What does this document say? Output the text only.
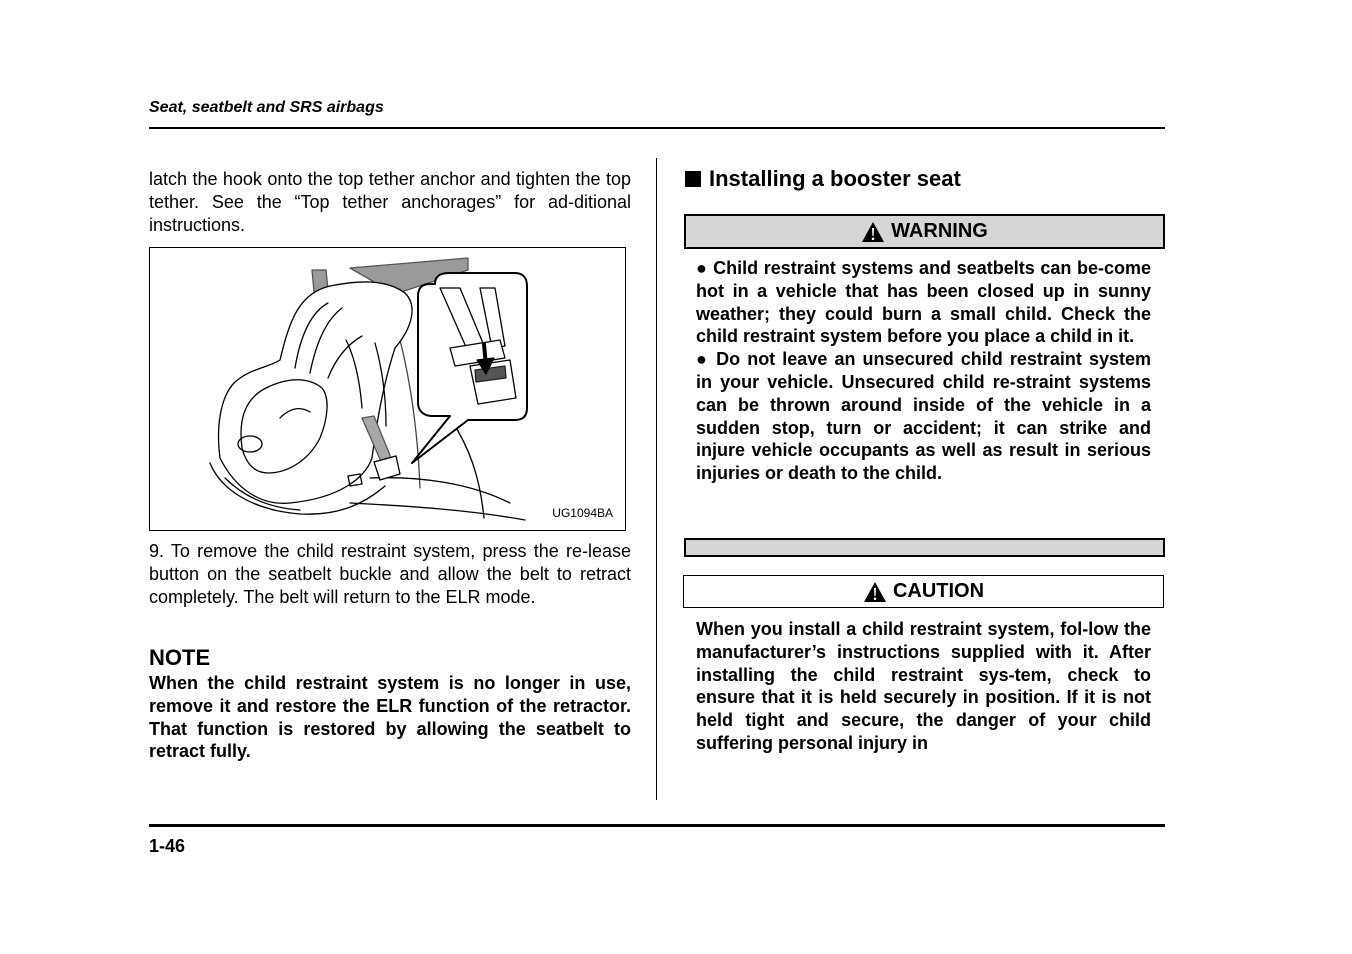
Seat, seatbelt and SRS airbags

latch the hook onto the top tether anchor and tighten the top tether. See the “Top tether anchorages” for ad-ditional instructions.

UG1094BA

9. To remove the child restraint system, press the re-lease button on the seatbelt buckle and allow the belt to retract completely. The belt will return to the ELR mode.

NOTE
When the child restraint system is no longer in use, remove it and restore the ELR function of the retractor. That function is restored by allowing the seatbelt to retract fully.
Installing a booster seat
WARNING

● Child restraint systems and seatbelts can be-come hot in a vehicle that has been closed up in sunny weather; they could burn a small child. Check the child restraint system before you place a child in it.

● Do not leave an unsecured child restraint system in your vehicle. Unsecured child re-straint systems can be thrown around inside of the vehicle in a sudden stop, turn or accident; it can strike and injure vehicle occupants as well as result in serious injuries or death to the child.

CAUTION
When you install a child restraint system, fol-low the manufacturer’s instructions supplied with it. After installing the child restraint sys-tem, check to ensure that it is held securely in position. If it is not held tight and secure, the danger of your child suffering personal injury in
1-46
